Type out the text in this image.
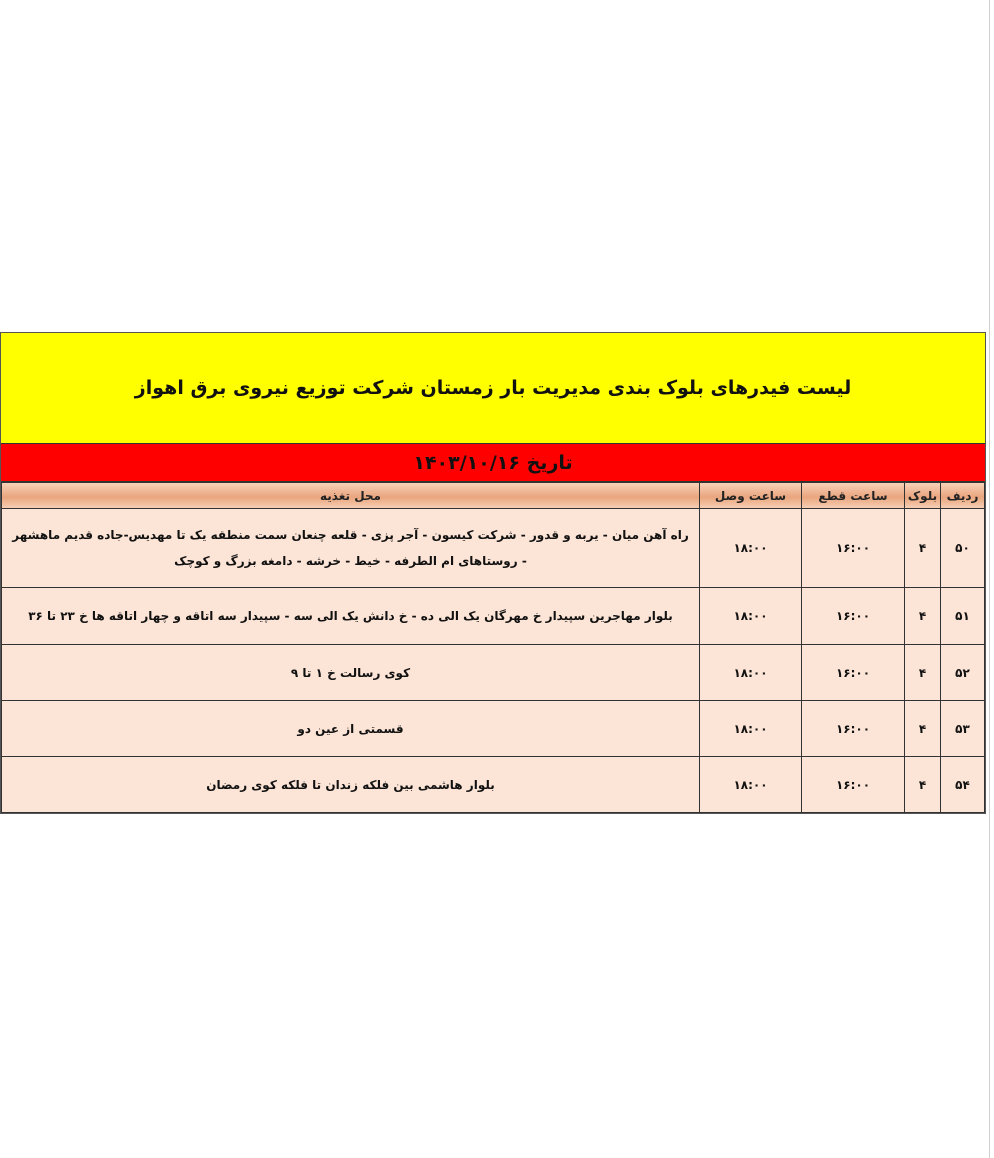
لیست فیدرهای بلوک بندی مدیریت بار زمستان شرکت توزیع نیروی برق اهواز
تاریخ ۱۴۰۳/۱۰/۱۶
ردیف	بلوک	ساعت قطع	ساعت وصل	محل تغذیه
۵۰	۴	۱۶:۰۰	۱۸:۰۰	راه آهن میان - یربه و قدور - شرکت کیسون - آجر پزی - قلعه چنعان سمت منطقه یک تا مهدیس-جاده قدیم ماهشهر - روستاهای ام الطرفه - خیط - خرشه - دامغه بزرگ و کوچک
۵۱	۴	۱۶:۰۰	۱۸:۰۰	بلوار مهاجرین سپیدار خ مهرگان یک الی ده - خ دانش یک الی سه - سپیدار سه اتاقه و چهار اتاقه ها خ ۲۳ تا ۳۶
۵۲	۴	۱۶:۰۰	۱۸:۰۰	کوی رسالت خ ۱ تا ۹
۵۳	۴	۱۶:۰۰	۱۸:۰۰	قسمتی از عین دو
۵۴	۴	۱۶:۰۰	۱۸:۰۰	بلوار هاشمی بین فلکه زندان تا فلکه کوی رمضان
